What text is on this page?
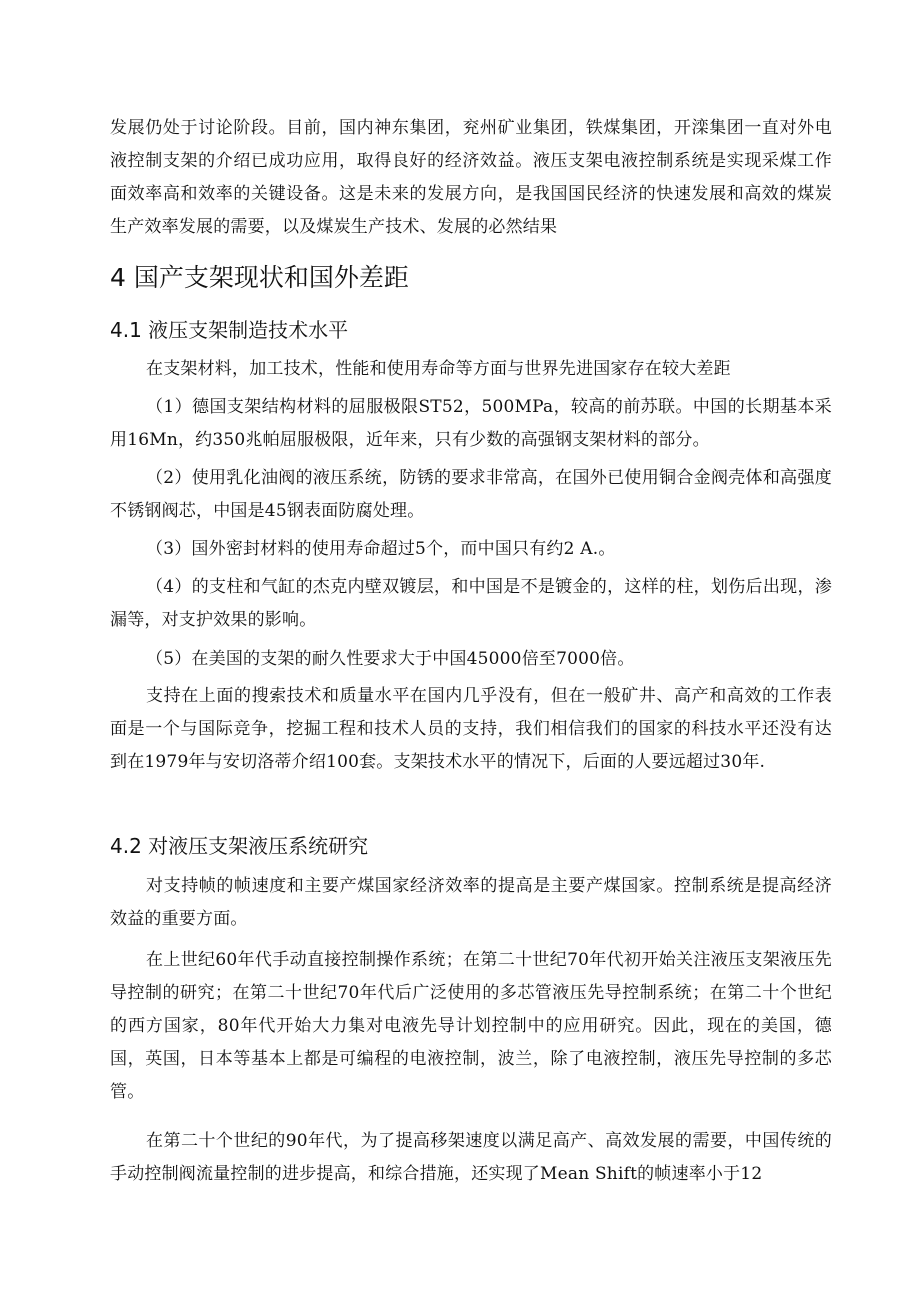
发展仍处于讨论阶段。目前，国内神东集团，兖州矿业集团，铁煤集团，开滦集团一直对外电液控制支架的介绍已成功应用，取得良好的经济效益。液压支架电液控制系统是实现采煤工作面效率高和效率的关键设备。这是未来的发展方向，是我国国民经济的快速发展和高效的煤炭生产效率发展的需要，以及煤炭生产技术、发展的必然结果

4 国产支架现状和国外差距
4.1 液压支架制造技术水平

在支架材料，加工技术，性能和使用寿命等方面与世界先进国家存在较大差距

（1）德国支架结构材料的屈服极限ST52，500MPa，较高的前苏联。中国的长期基本采用16Mn，约350兆帕屈服极限，近年来，只有少数的高强钢支架材料的部分。

（2）使用乳化油阀的液压系统，防锈的要求非常高，在国外已使用铜合金阀壳体和高强度不锈钢阀芯，中国是45钢表面防腐处理。

（3）国外密封材料的使用寿命超过5个，而中国只有约2 A.。

（4）的支柱和气缸的杰克内壁双镀层，和中国是不是镀金的，这样的柱，划伤后出现，渗漏等，对支护效果的影响。

（5）在美国的支架的耐久性要求大于中国45000倍至7000倍。

支持在上面的搜索技术和质量水平在国内几乎没有，但在一般矿井、高产和高效的工作表面是一个与国际竞争，挖掘工程和技术人员的支持，我们相信我们的国家的科技水平还没有达到在1979年与安切洛蒂介绍100套。支架技术水平的情况下，后面的人要远超过30年.

4.2 对液压支架液压系统研究

对支持帧的帧速度和主要产煤国家经济效率的提高是主要产煤国家。控制系统是提高经济效益的重要方面。

在上世纪60年代手动直接控制操作系统；在第二十世纪70年代初开始关注液压支架液压先导控制的研究；在第二十世纪70年代后广泛使用的多芯管液压先导控制系统；在第二十个世纪的西方国家，80年代开始大力集对电液先导计划控制中的应用研究。因此，现在的美国，德国，英国，日本等基本上都是可编程的电液控制，波兰，除了电液控制，液压先导控制的多芯管。

在第二十个世纪的90年代，为了提高移架速度以满足高产、高效发展的需要，中国传统的手动控制阀流量控制的进步提高，和综合措施，还实现了Mean Shift的帧速率小于12
